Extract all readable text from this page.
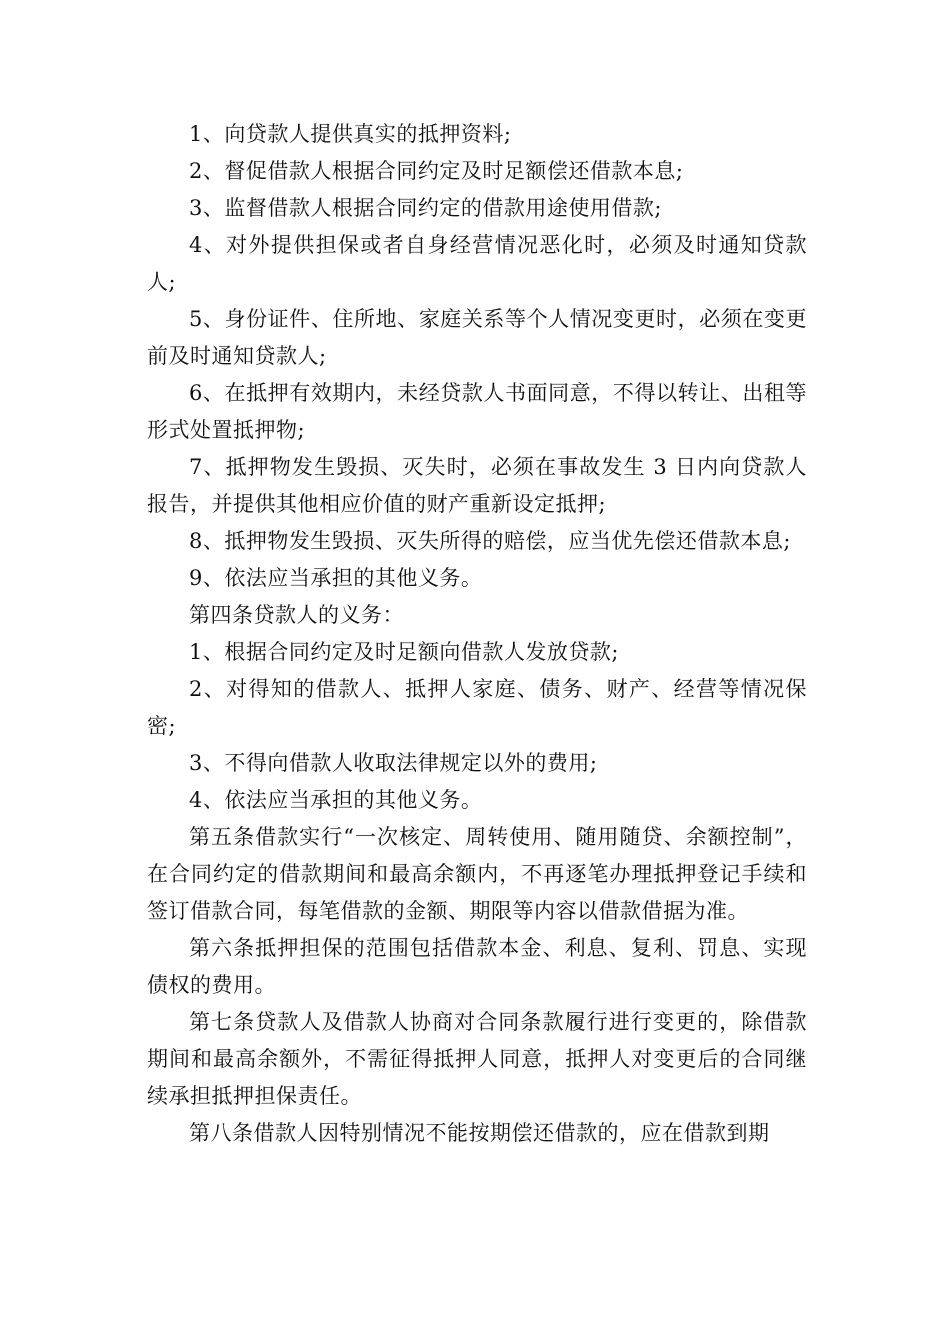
1、向贷款人提供真实的抵押资料;

2、督促借款人根据合同约定及时足额偿还借款本息;

3、监督借款人根据合同约定的借款用途使用借款;

4、对外提供担保或者自身经营情况恶化时，必须及时通知贷款人;

5、身份证件、住所地、家庭关系等个人情况变更时，必须在变更前及时通知贷款人;

6、在抵押有效期内，未经贷款人书面同意，不得以转让、出租等形式处置抵押物;

7、抵押物发生毁损、灭失时，必须在事故发生 3 日内向贷款人报告，并提供其他相应价值的财产重新设定抵押;

8、抵押物发生毁损、灭失所得的赔偿，应当优先偿还借款本息;

9、依法应当承担的其他义务。

第四条贷款人的义务：

1、根据合同约定及时足额向借款人发放贷款;

2、对得知的借款人、抵押人家庭、债务、财产、经营等情况保密;

3、不得向借款人收取法律规定以外的费用;

4、依法应当承担的其他义务。

第五条借款实行“一次核定、周转使用、随用随贷、余额控制”，在合同约定的借款期间和最高余额内，不再逐笔办理抵押登记手续和签订借款合同，每笔借款的金额、期限等内容以借款借据为准。

第六条抵押担保的范围包括借款本金、利息、复利、罚息、实现债权的费用。

第七条贷款人及借款人协商对合同条款履行进行变更的，除借款期间和最高余额外，不需征得抵押人同意，抵押人对变更后的合同继续承担抵押担保责任。

第八条借款人因特别情况不能按期偿还借款的，应在借款到期
